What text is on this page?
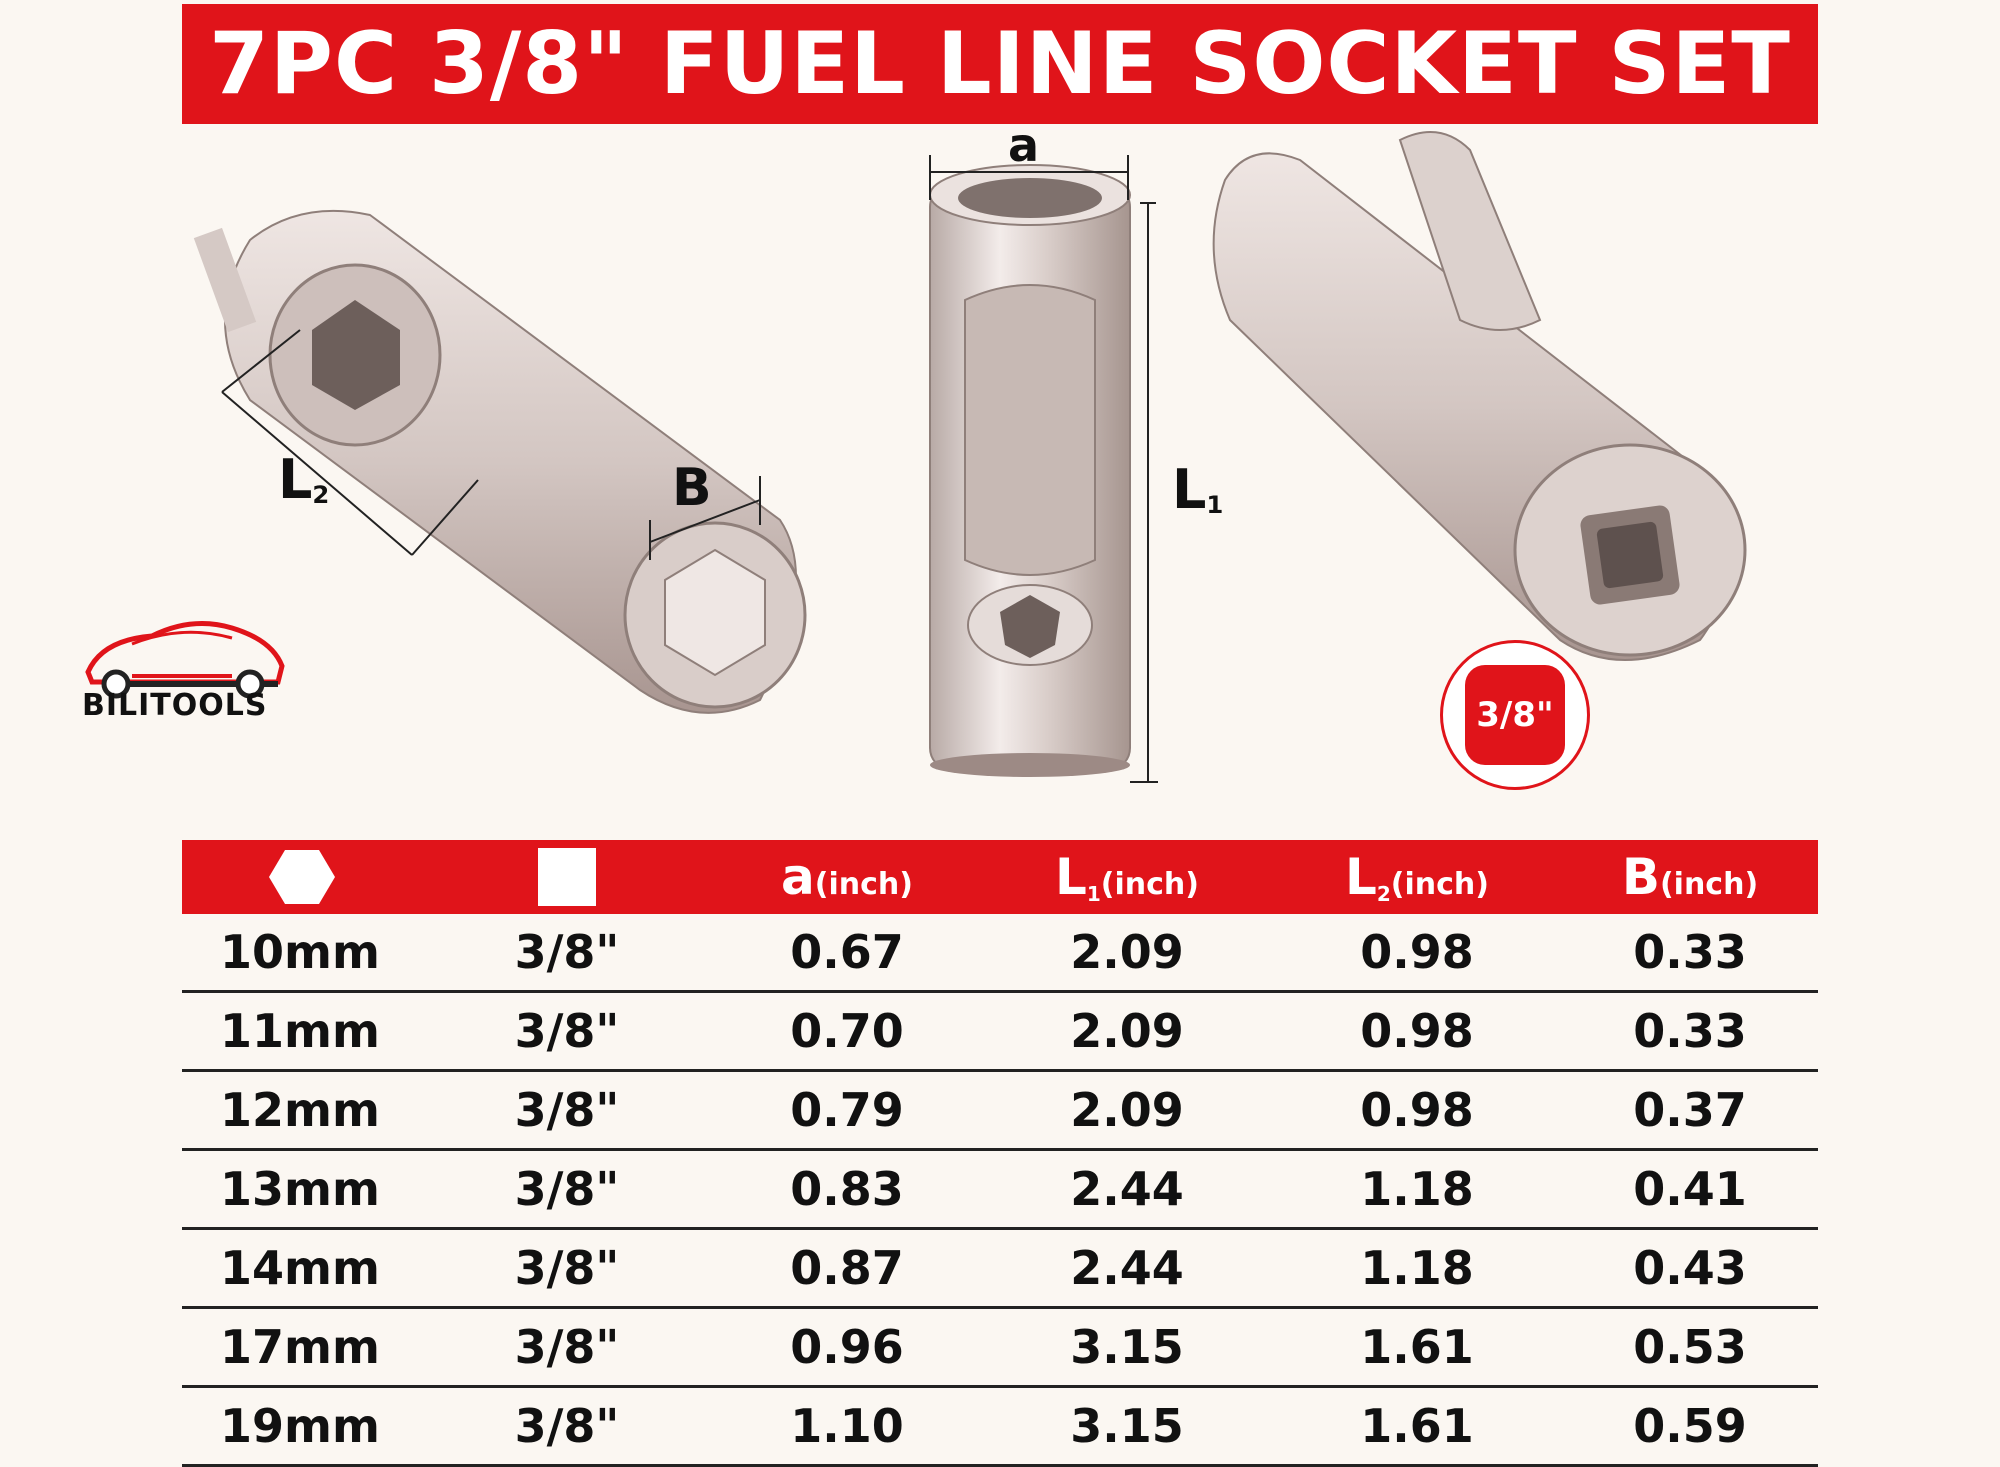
7PC 3/8" FUEL LINE SOCKET SET
a
$L_1$
$L_2$	B
BILITOOLS	3/8"
		a(inch)	$L_1(inch)$	$L_2(inch)$	B(inch)
10mm	3/8"	0.67	2.09	0.98	0.33
11mm	3/8"	0.70	2.09	0.98	0.33
12mm	3/8"	0.79	2.09	0.98	0.37
13mm	3/8"	0.83	2.44	1.18	0.41
14mm	3/8"	0.87	2.44	1.18	0.43
17mm	3/8"	0.96	3.15	1.61	0.53
19mm	3/8"	1.10	3.15	1.61	0.59
